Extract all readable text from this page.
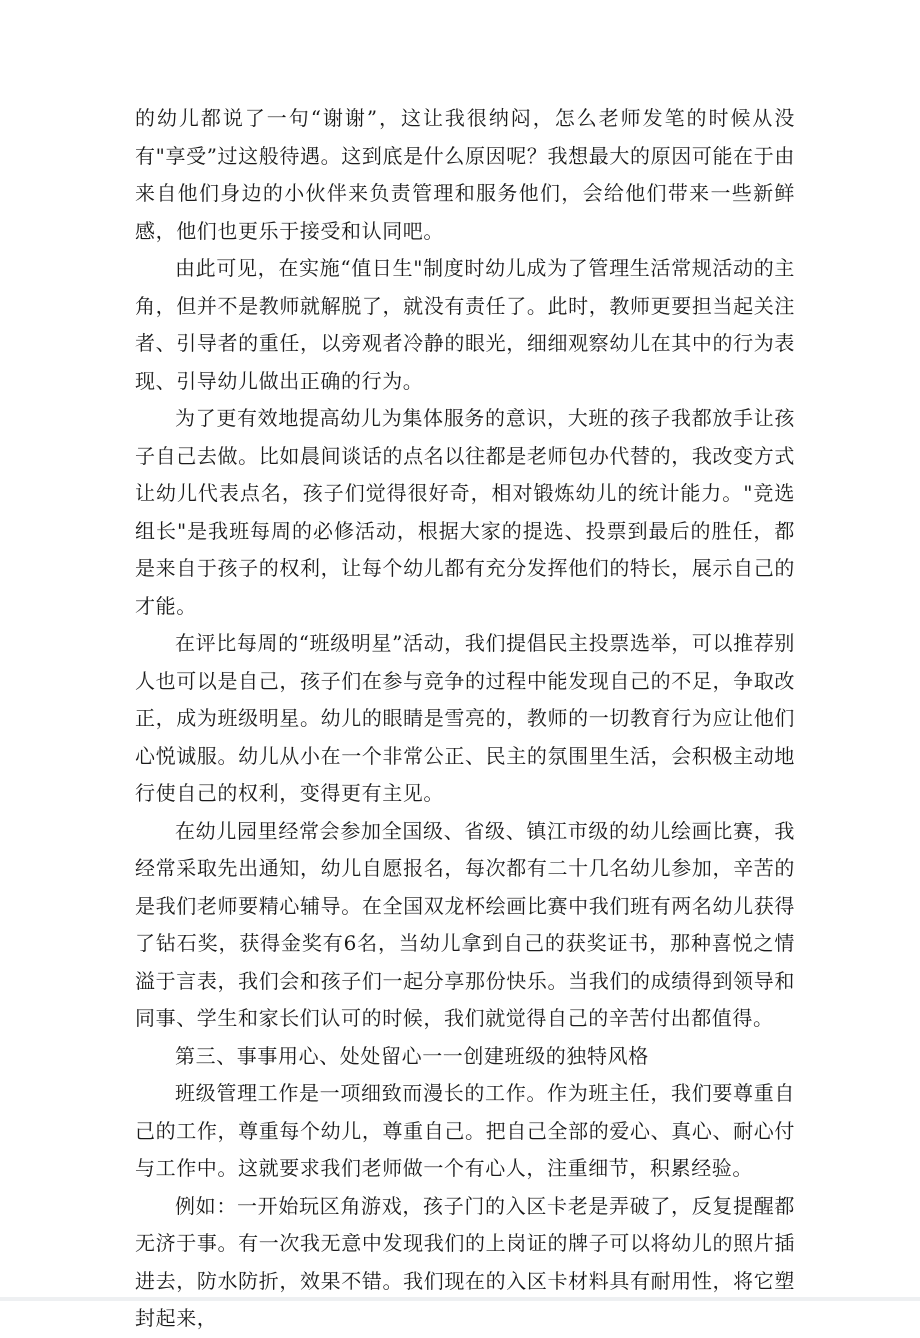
的幼儿都说了一句“谢谢”，这让我很纳闷，怎么老师发笔的时候从没有"享受”过这般待遇。这到底是什么原因呢？我想最大的原因可能在于由来自他们身边的小伙伴来负责管理和服务他们，会给他们带来一些新鲜感，他们也更乐于接受和认同吧。

由此可见，在实施“值日生"制度时幼儿成为了管理生活常规活动的主角，但并不是教师就解脱了，就没有责任了。此时，教师更要担当起关注者、引导者的重任，以旁观者冷静的眼光，细细观察幼儿在其中的行为表现、引导幼儿做出正确的行为。

为了更有效地提高幼儿为集体服务的意识，大班的孩子我都放手让孩子自己去做。比如晨间谈话的点名以往都是老师包办代替的，我改变方式让幼儿代表点名，孩子们觉得很好奇，相对锻炼幼儿的统计能力。"竞选组长"是我班每周的必修活动，根据大家的提选、投票到最后的胜任，都是来自于孩子的权利，让每个幼儿都有充分发挥他们的特长，展示自己的才能。

在评比每周的“班级明星”活动，我们提倡民主投票选举，可以推荐别人也可以是自己，孩子们在参与竞争的过程中能发现自己的不足，争取改正，成为班级明星。幼儿的眼睛是雪亮的，教师的一切教育行为应让他们心悦诚服。幼儿从小在一个非常公正、民主的氛围里生活，会积极主动地行使自己的权利，变得更有主见。

在幼儿园里经常会参加全国级、省级、镇江市级的幼儿绘画比赛，我经常采取先出通知，幼儿自愿报名，每次都有二十几名幼儿参加，辛苦的是我们老师要精心辅导。在全国双龙杯绘画比赛中我们班有两名幼儿获得了钻石奖，获得金奖有6名，当幼儿拿到自己的获奖证书，那种喜悦之情溢于言表，我们会和孩子们一起分享那份快乐。当我们的成绩得到领导和同事、学生和家长们认可的时候，我们就觉得自己的辛苦付出都值得。

第三、事事用心、处处留心一一创建班级的独特风格

班级管理工作是一项细致而漫长的工作。作为班主任，我们要尊重自己的工作，尊重每个幼儿，尊重自己。把自己全部的爱心、真心、耐心付与工作中。这就要求我们老师做一个有心人，注重细节，积累经验。

例如：一开始玩区角游戏，孩子门的入区卡老是弄破了，反复提醒都无济于事。有一次我无意中发现我们的上岗证的牌子可以将幼儿的照片插进去，防水防折，效果不错。我们现在的入区卡材料具有耐用性，将它塑封起来，
